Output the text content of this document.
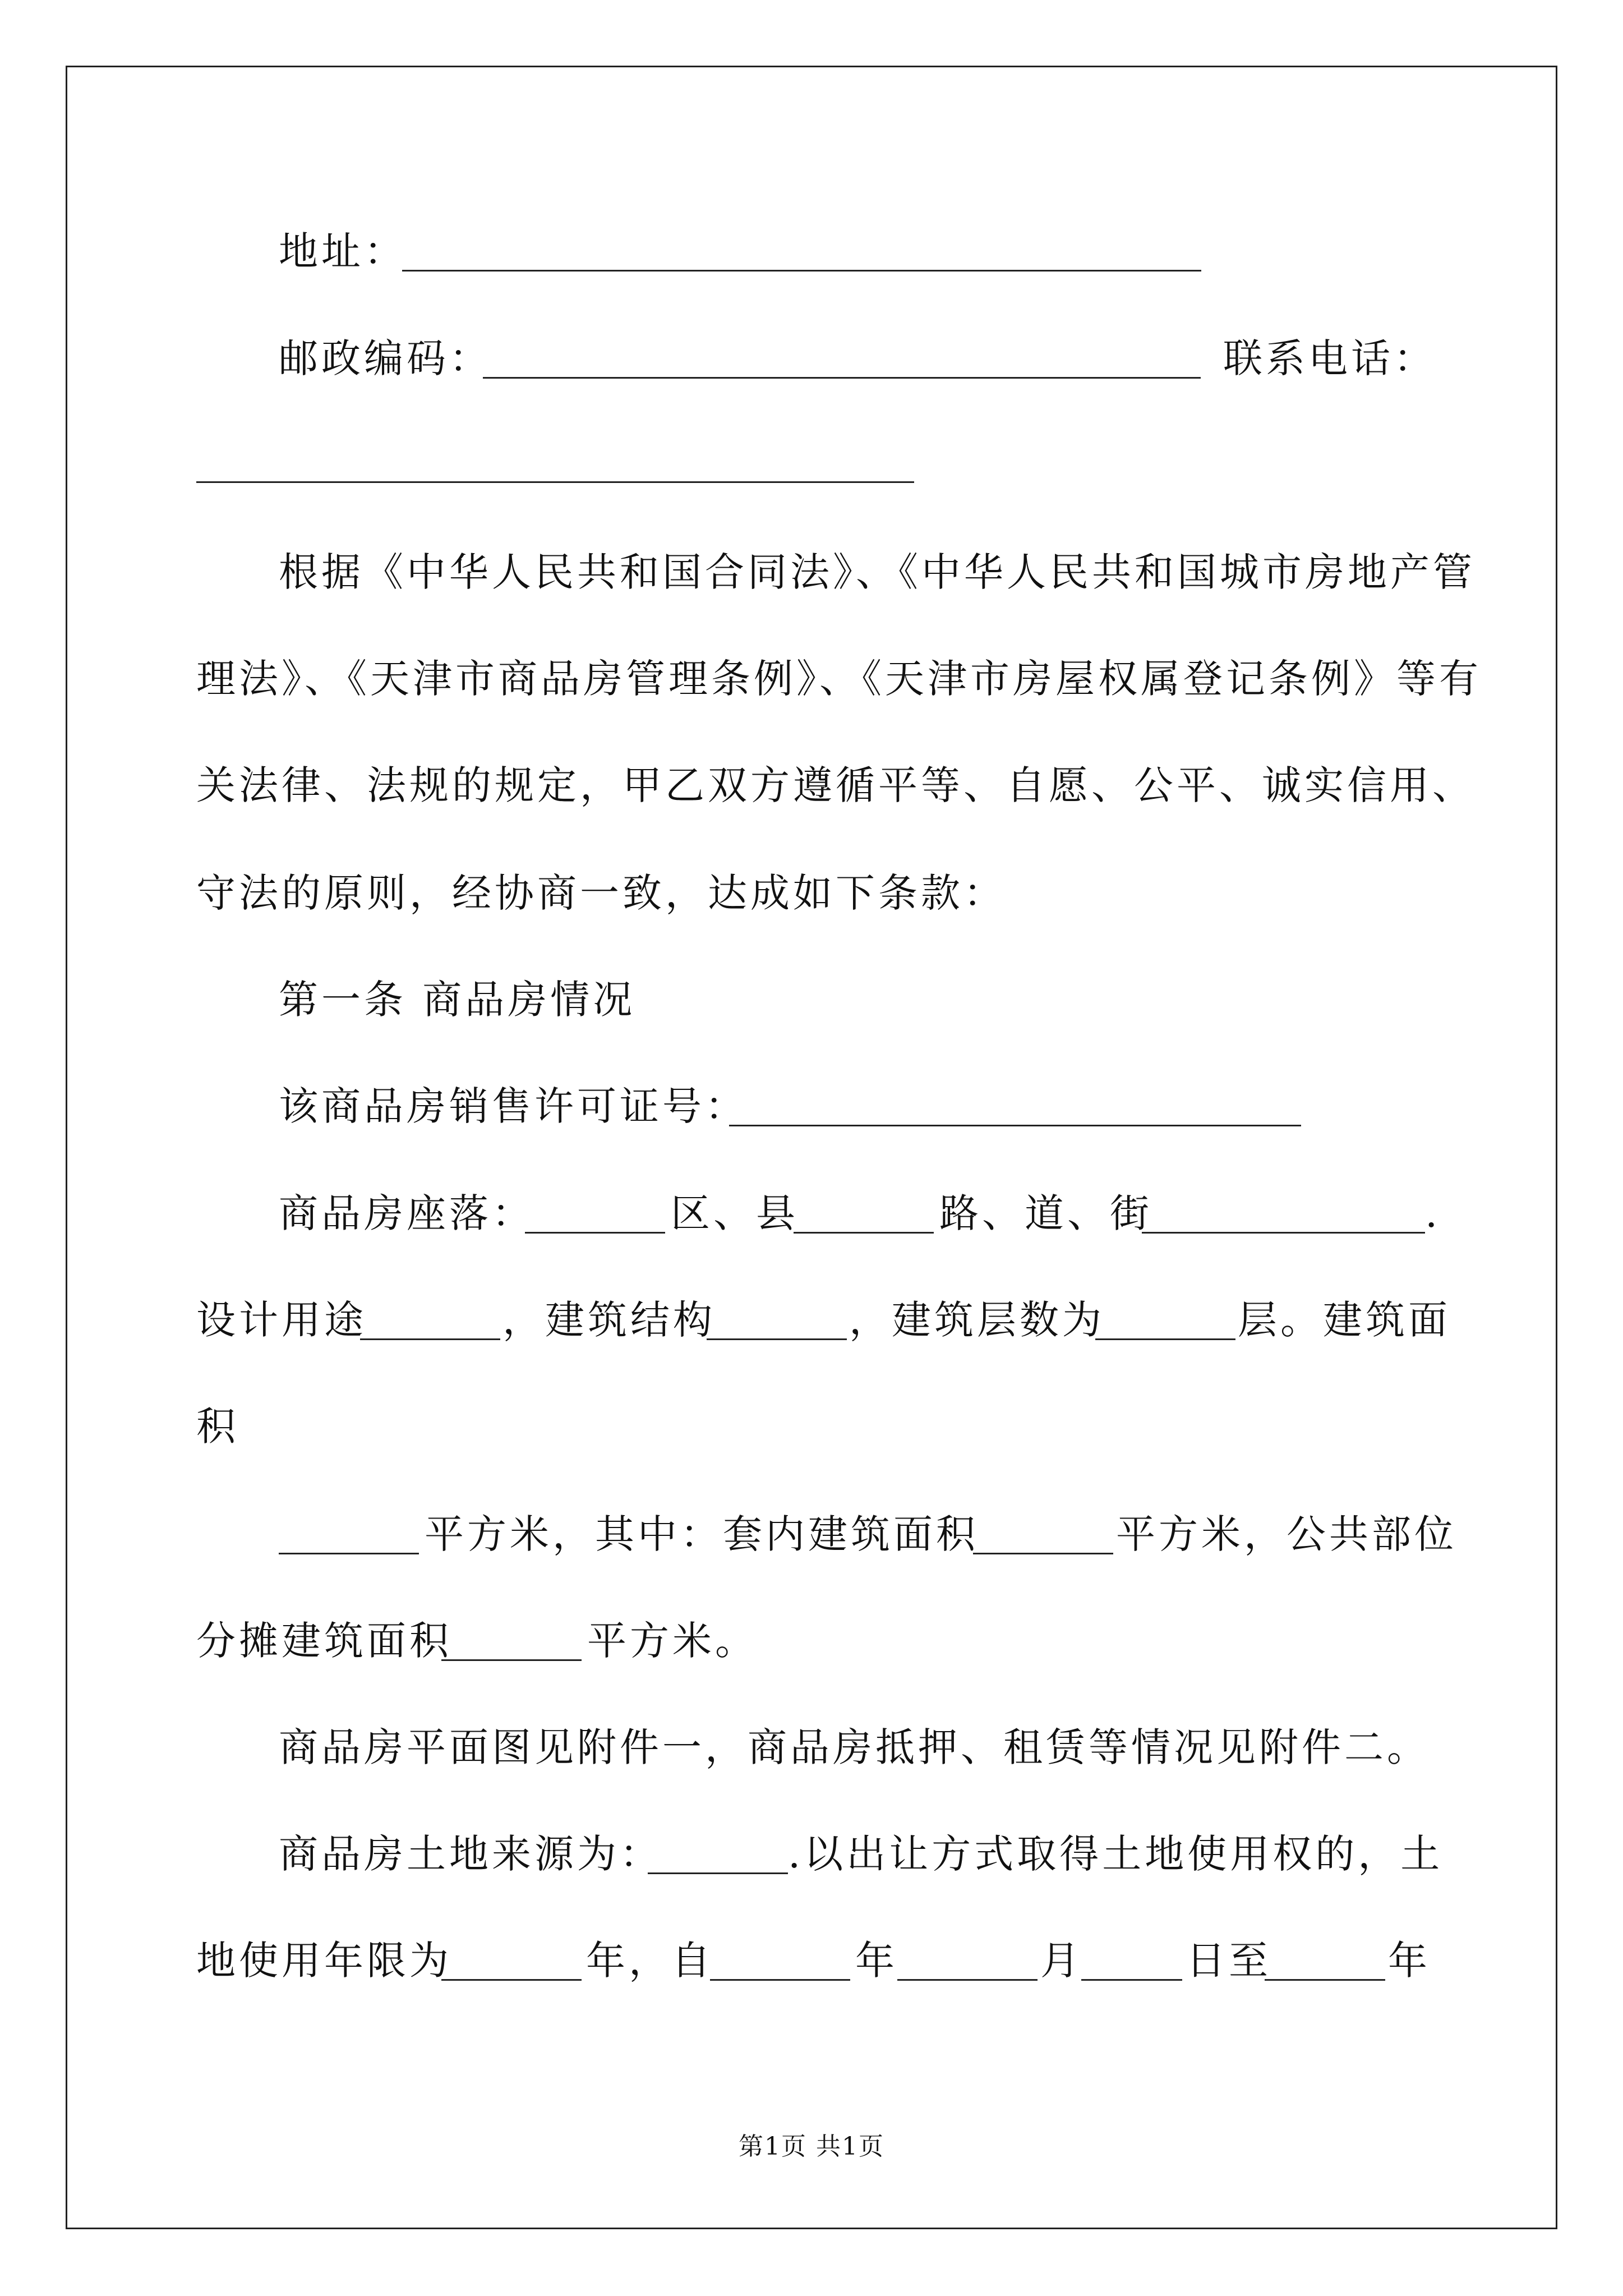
地址：
邮政编码：	联系电话：
根据《中华人民共和国合同法》、《中华人民共和国城市房地产管
理法》、《天津市商品房管理条例》、《天津市房屋权属登记条例》等有
关法律、法规的规定，甲乙双方遵循平等、自愿、公平、诚实信用、
守法的原则，经协商一致，达成如下条款：
第一条 商品房情况
该商品房销售许可证号：
商品房座落：	区、县	路、道、街	.
设计用途	，建筑结构	，建筑层数为	层。建筑面
积
平方米，其中：套内建筑面积	平方米，公共部位
分摊建筑面积	平方米。
商品房平面图见附件一，商品房抵押、租赁等情况见附件二。
商品房土地来源为：	.以出让方式取得土地使用权的，土
地使用年限为	年，自	年	月	日至	年
第1页 共1页
